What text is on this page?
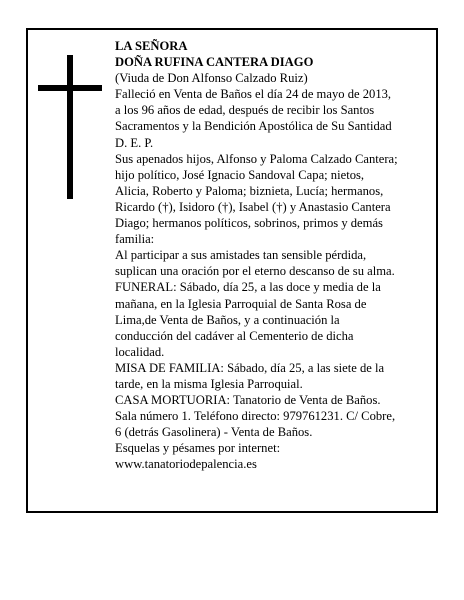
LA SEÑORA
DOÑA RUFINA CANTERA DIAGO
(Viuda de Don Alfonso Calzado Ruiz)
Falleció en Venta de Baños el día 24 de mayo de 2013,
a los 96 años de edad, después de recibir los Santos
Sacramentos y la Bendición Apostólica de Su Santidad
D. E. P.
Sus apenados hijos, Alfonso y Paloma Calzado Cantera;
hijo político, José Ignacio Sandoval Capa; nietos,
Alicia, Roberto y Paloma; biznieta, Lucía; hermanos,
Ricardo (†), Isidoro (†), Isabel (†) y Anastasio Cantera
Diago; hermanos políticos, sobrinos, primos y demás
familia:
Al participar a sus amistades tan sensible pérdida,
suplican una oración por el eterno descanso de su alma.
FUNERAL: Sábado, día 25, a las doce y media de la
mañana, en la Iglesia Parroquial de Santa Rosa de
Lima,de Venta de Baños, y a continuación la
conducción del cadáver al Cementerio de dicha
localidad.
MISA DE FAMILIA: Sábado, día 25, a las siete de la
tarde, en la misma Iglesia Parroquial.
CASA MORTUORIA: Tanatorio de Venta de Baños.
Sala número 1. Teléfono directo: 979761231. C/ Cobre,
6 (detrás Gasolinera) - Venta de Baños.
Esquelas y pésames por internet:
www.tanatoriodepalencia.es
